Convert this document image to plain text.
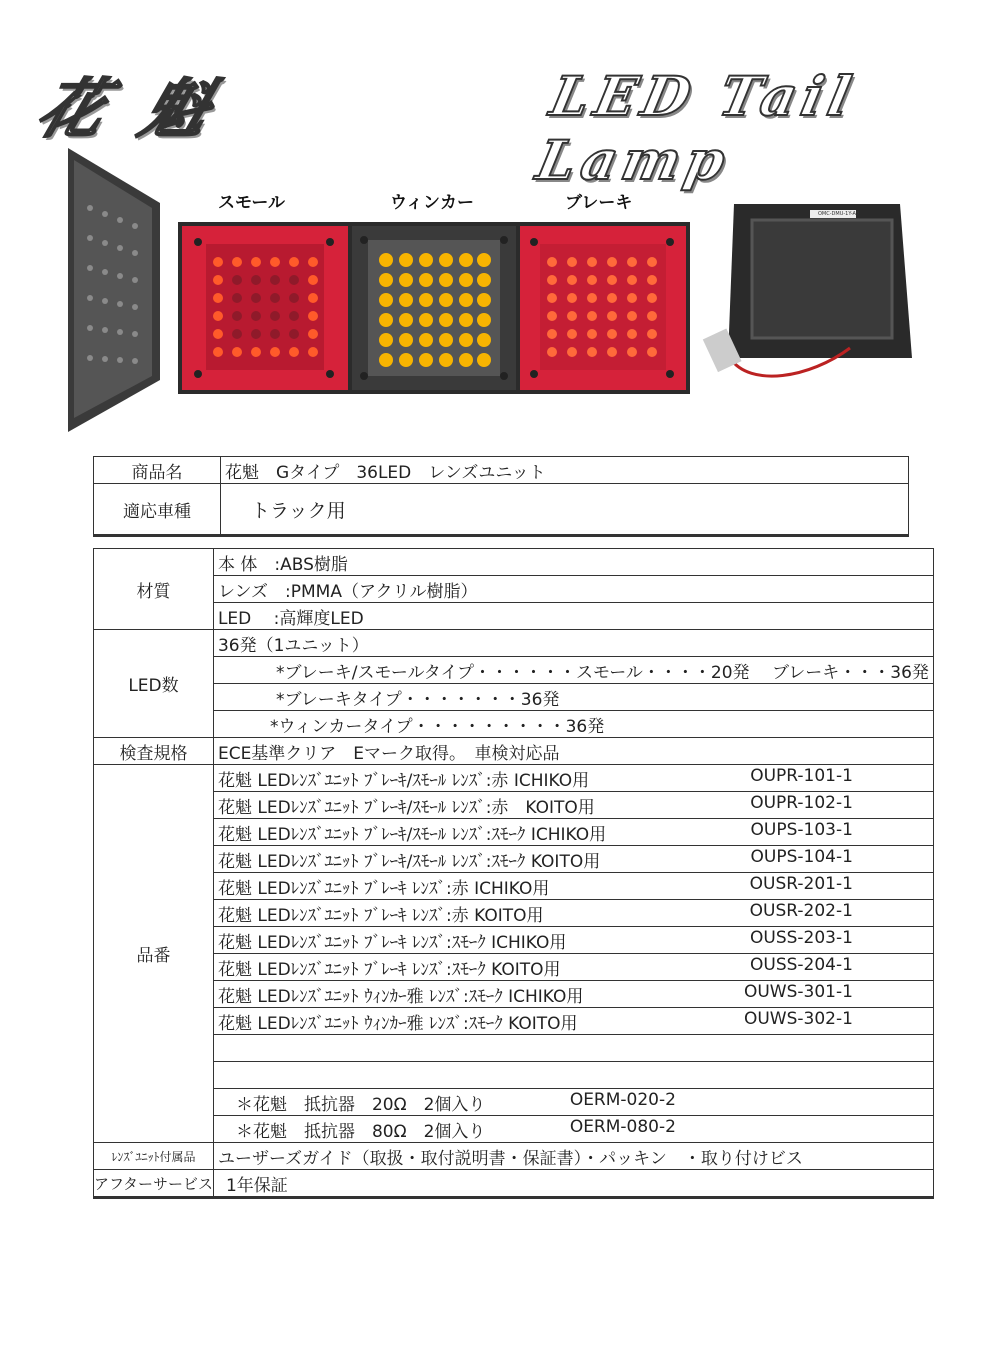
花魁	LED Tail Lamp
スモール	ウィンカー	ブレーキ
OMC-DMU-1Y-A3
商品名	花魁　Gタイプ　36LED　レンズユニット
適応車種	トラック用
材質	本 体　:ABS樹脂
	レンズ　:PMMA（アクリル樹脂）
	LED　 :高輝度LED
LED数	36発（1ユニット）
	*ブレーキ/スモールタイプ・・・・・・スモール・・・・20発　 ブレーキ・・・36発
	*ブレーキタイプ・・・・・・・36発
	*ウィンカータイプ・・・・・・・・・36発
検査規格	ECE基準クリア　Eマーク取得。　車検対応品
品番	花魁 LEDﾚﾝｽﾞﾕﾆｯﾄ ﾌﾞﾚｰｷ/ｽﾓｰﾙ ﾚﾝｽﾞ:赤 ICHIKO用 OUPR-101-1

	花魁 LEDﾚﾝｽﾞﾕﾆｯﾄ ﾌﾞﾚｰｷ/ｽﾓｰﾙ ﾚﾝｽﾞ:赤　KOITO用 OUPR-102-1

	花魁 LEDﾚﾝｽﾞﾕﾆｯﾄ ﾌﾞﾚｰｷ/ｽﾓｰﾙ ﾚﾝｽﾞ:ｽﾓｰｸ ICHIKO用 OUPS-103-1

	花魁 LEDﾚﾝｽﾞﾕﾆｯﾄ ﾌﾞﾚｰｷ/ｽﾓｰﾙ ﾚﾝｽﾞ:ｽﾓｰｸ KOITO用 OUPS-104-1

	花魁 LEDﾚﾝｽﾞﾕﾆｯﾄ ﾌﾞﾚｰｷ ﾚﾝｽﾞ:赤 ICHIKO用 OUSR-201-1

	花魁 LEDﾚﾝｽﾞﾕﾆｯﾄ ﾌﾞﾚｰｷ ﾚﾝｽﾞ:赤 KOITO用 OUSR-202-1

	花魁 LEDﾚﾝｽﾞﾕﾆｯﾄ ﾌﾞﾚｰｷ ﾚﾝｽﾞ:ｽﾓｰｸ ICHIKO用 OUSS-203-1

	花魁 LEDﾚﾝｽﾞﾕﾆｯﾄ ﾌﾞﾚｰｷ ﾚﾝｽﾞ:ｽﾓｰｸ KOITO用 OUSS-204-1

	花魁 LEDﾚﾝｽﾞﾕﾆｯﾄ ｳｨﾝｶｰ雅 ﾚﾝｽﾞ:ｽﾓｰｸ ICHIKO用 OUWS-301-1

	花魁 LEDﾚﾝｽﾞﾕﾆｯﾄ ｳｨﾝｶｰ雅 ﾚﾝｽﾞ:ｽﾓｰｸ KOITO用 OUWS-302-1

	＊花魁　抵抗器　20Ω　2個入り OERM-020-2

	＊花魁　抵抗器　80Ω　2個入り OERM-080-2

ﾚﾝｽﾞﾕﾆｯﾄ付属品	ユーザーズガイド（取扱・取付説明書・保証書）・パッキン　・取り付けビス
アフターサービス	1年保証
